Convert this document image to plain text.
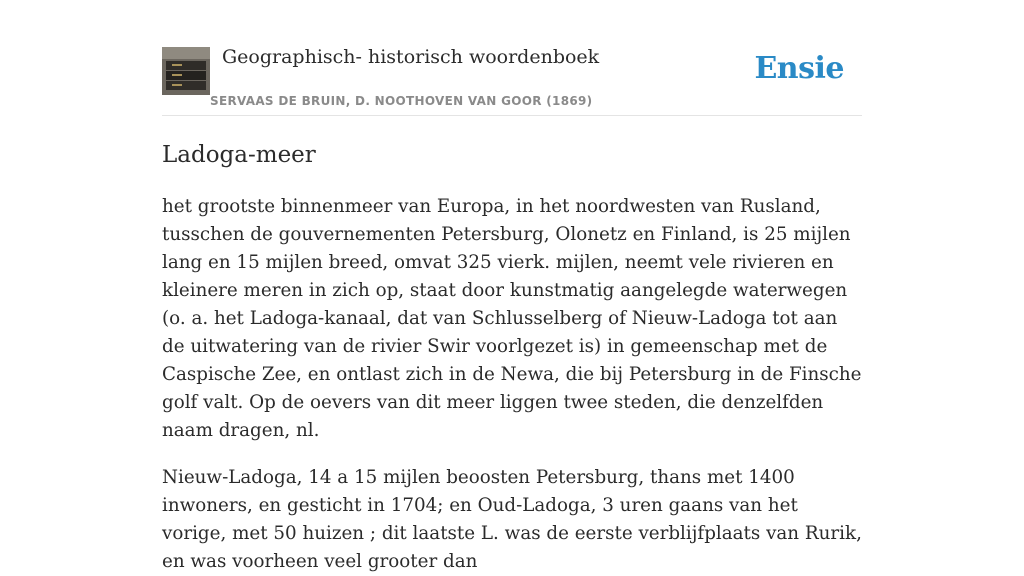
Geographisch- historisch woordenboek
SERVAAS DE BRUIN, D. NOOTHOVEN VAN GOOR (1869)
Ensie
Ladoga-meer

het grootste binnenmeer van Europa, in het noordwesten van Rusland, tusschen de gouvernementen Petersburg, Olonetz en Finland, is 25 mijlen lang en 15 mijlen breed, omvat 325 vierk. mijlen, neemt vele rivieren en kleinere meren in zich op, staat door kunstmatig aangelegde waterwegen (o. a. het Ladoga-kanaal, dat van Schlusselberg of Nieuw-Ladoga tot aan de uitwatering van de rivier Swir voorlgezet is) in gemeenschap met de Caspische Zee, en ontlast zich in de Newa, die bij Petersburg in de Finsche golf valt. Op de oevers van dit meer liggen twee steden, die denzelfden naam dragen, nl.

Nieuw-Ladoga, 14 a 15 mijlen beoosten Petersburg, thans met 1400 inwoners, en gesticht in 1704; en Oud-Ladoga, 3 uren gaans van het vorige, met 50 huizen ; dit laatste L. was de eerste verblijfplaats van Rurik, en was voorheen veel grooter dan
